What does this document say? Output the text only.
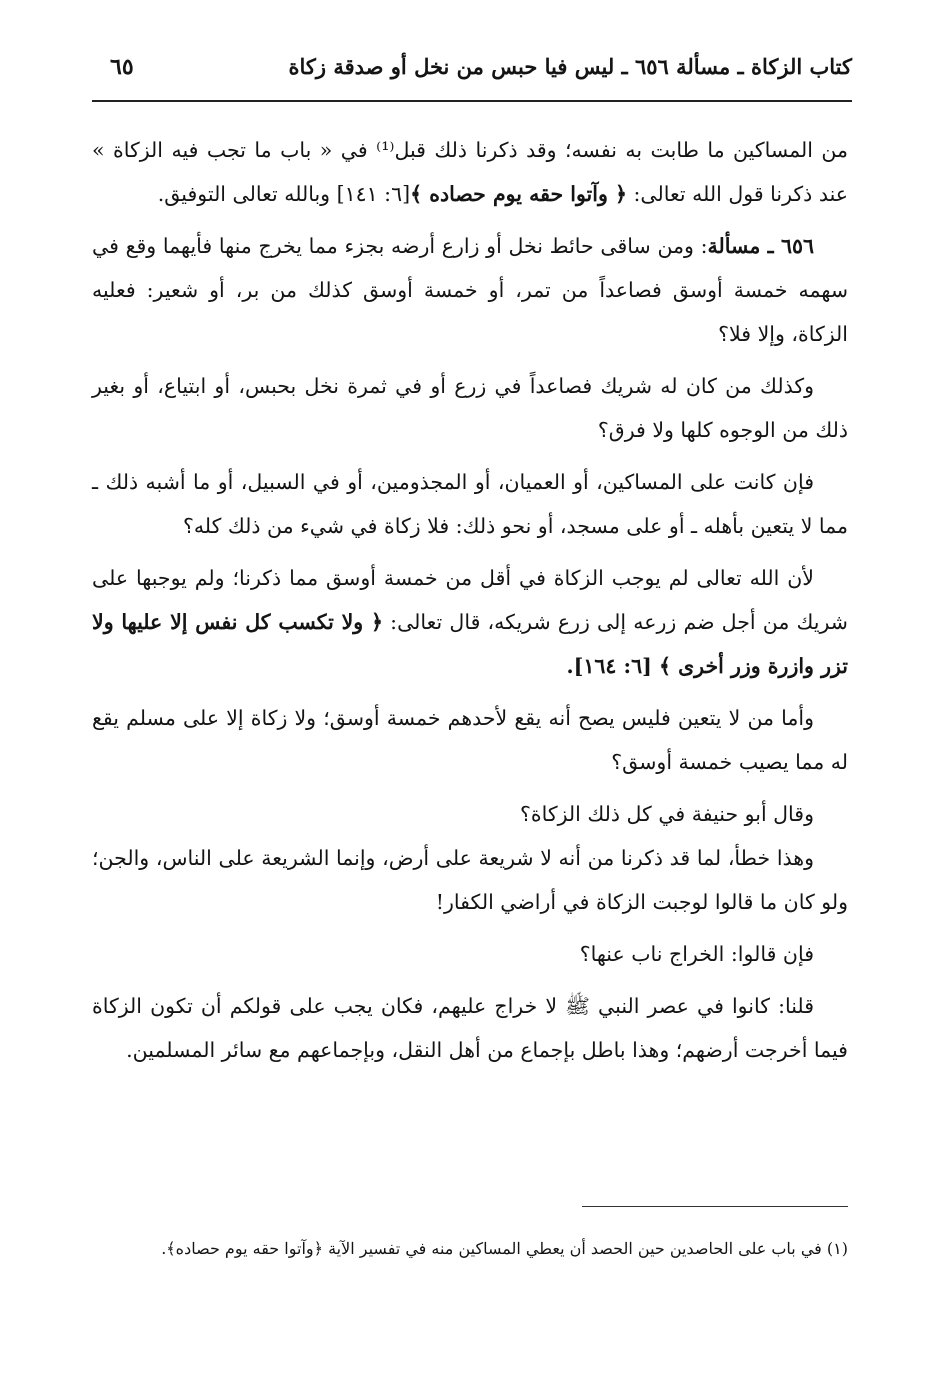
كتاب الزكاة ـ مسألة ٦٥٦ ـ ليس فيا حبس من نخل أو صدقة زكاة
٦٥

من المساكين ما طابت به نفسه؛ وقد ذكرنا ذلك قبل⁽¹⁾ في « باب ما تجب فيه الزكاة » عند ذكرنا قول الله تعالى: ﴿ وآتوا حقه يوم حصاده ﴾[٦: ١٤١] وبالله تعالى التوفيق.

٦٥٦ ـ مسألة: ومن ساقى حائط نخل أو زارع أرضه بجزء مما يخرج منها فأيهما وقع في سهمه خمسة أوسق فصاعداً من تمر، أو خمسة أوسق كذلك من بر، أو شعير: فعليه الزكاة، وإلا فلا؟

وكذلك من كان له شريك فصاعداً في زرع أو في ثمرة نخل بحبس، أو ابتياع، أو بغير ذلك من الوجوه كلها ولا فرق؟

فإن كانت على المساكين، أو العميان، أو المجذومين، أو في السبيل، أو ما أشبه ذلك ـ مما لا يتعين بأهله ـ أو على مسجد، أو نحو ذلك: فلا زكاة في شيء من ذلك كله؟

لأن الله تعالى لم يوجب الزكاة في أقل من خمسة أوسق مما ذكرنا؛ ولم يوجبها على شريك من أجل ضم زرعه إلى زرع شريكه، قال تعالى: ﴿ ولا تكسب كل نفس إلا عليها ولا تزر وازرة وزر أخرى ﴾ [٦: ١٦٤].

وأما من لا يتعين فليس يصح أنه يقع لأحدهم خمسة أوسق؛ ولا زكاة إلا على مسلم يقع له مما يصيب خمسة أوسق؟

وقال أبو حنيفة في كل ذلك الزكاة؟

وهذا خطأ، لما قد ذكرنا من أنه لا شريعة على أرض، وإنما الشريعة على الناس، والجن؛ ولو كان ما قالوا لوجبت الزكاة في أراضي الكفار!

فإن قالوا: الخراج ناب عنها؟

قلنا: كانوا في عصر النبي ﷺ لا خراج عليهم، فكان يجب على قولكم أن تكون الزكاة فيما أخرجت أرضهم؛ وهذا باطل بإجماع من أهل النقل، وبإجماعهم مع سائر المسلمين.

(١) في باب على الحاصدين حين الحصد أن يعطي المساكين منه في تفسير الآية ﴿وآتوا حقه يوم حصاده﴾.
